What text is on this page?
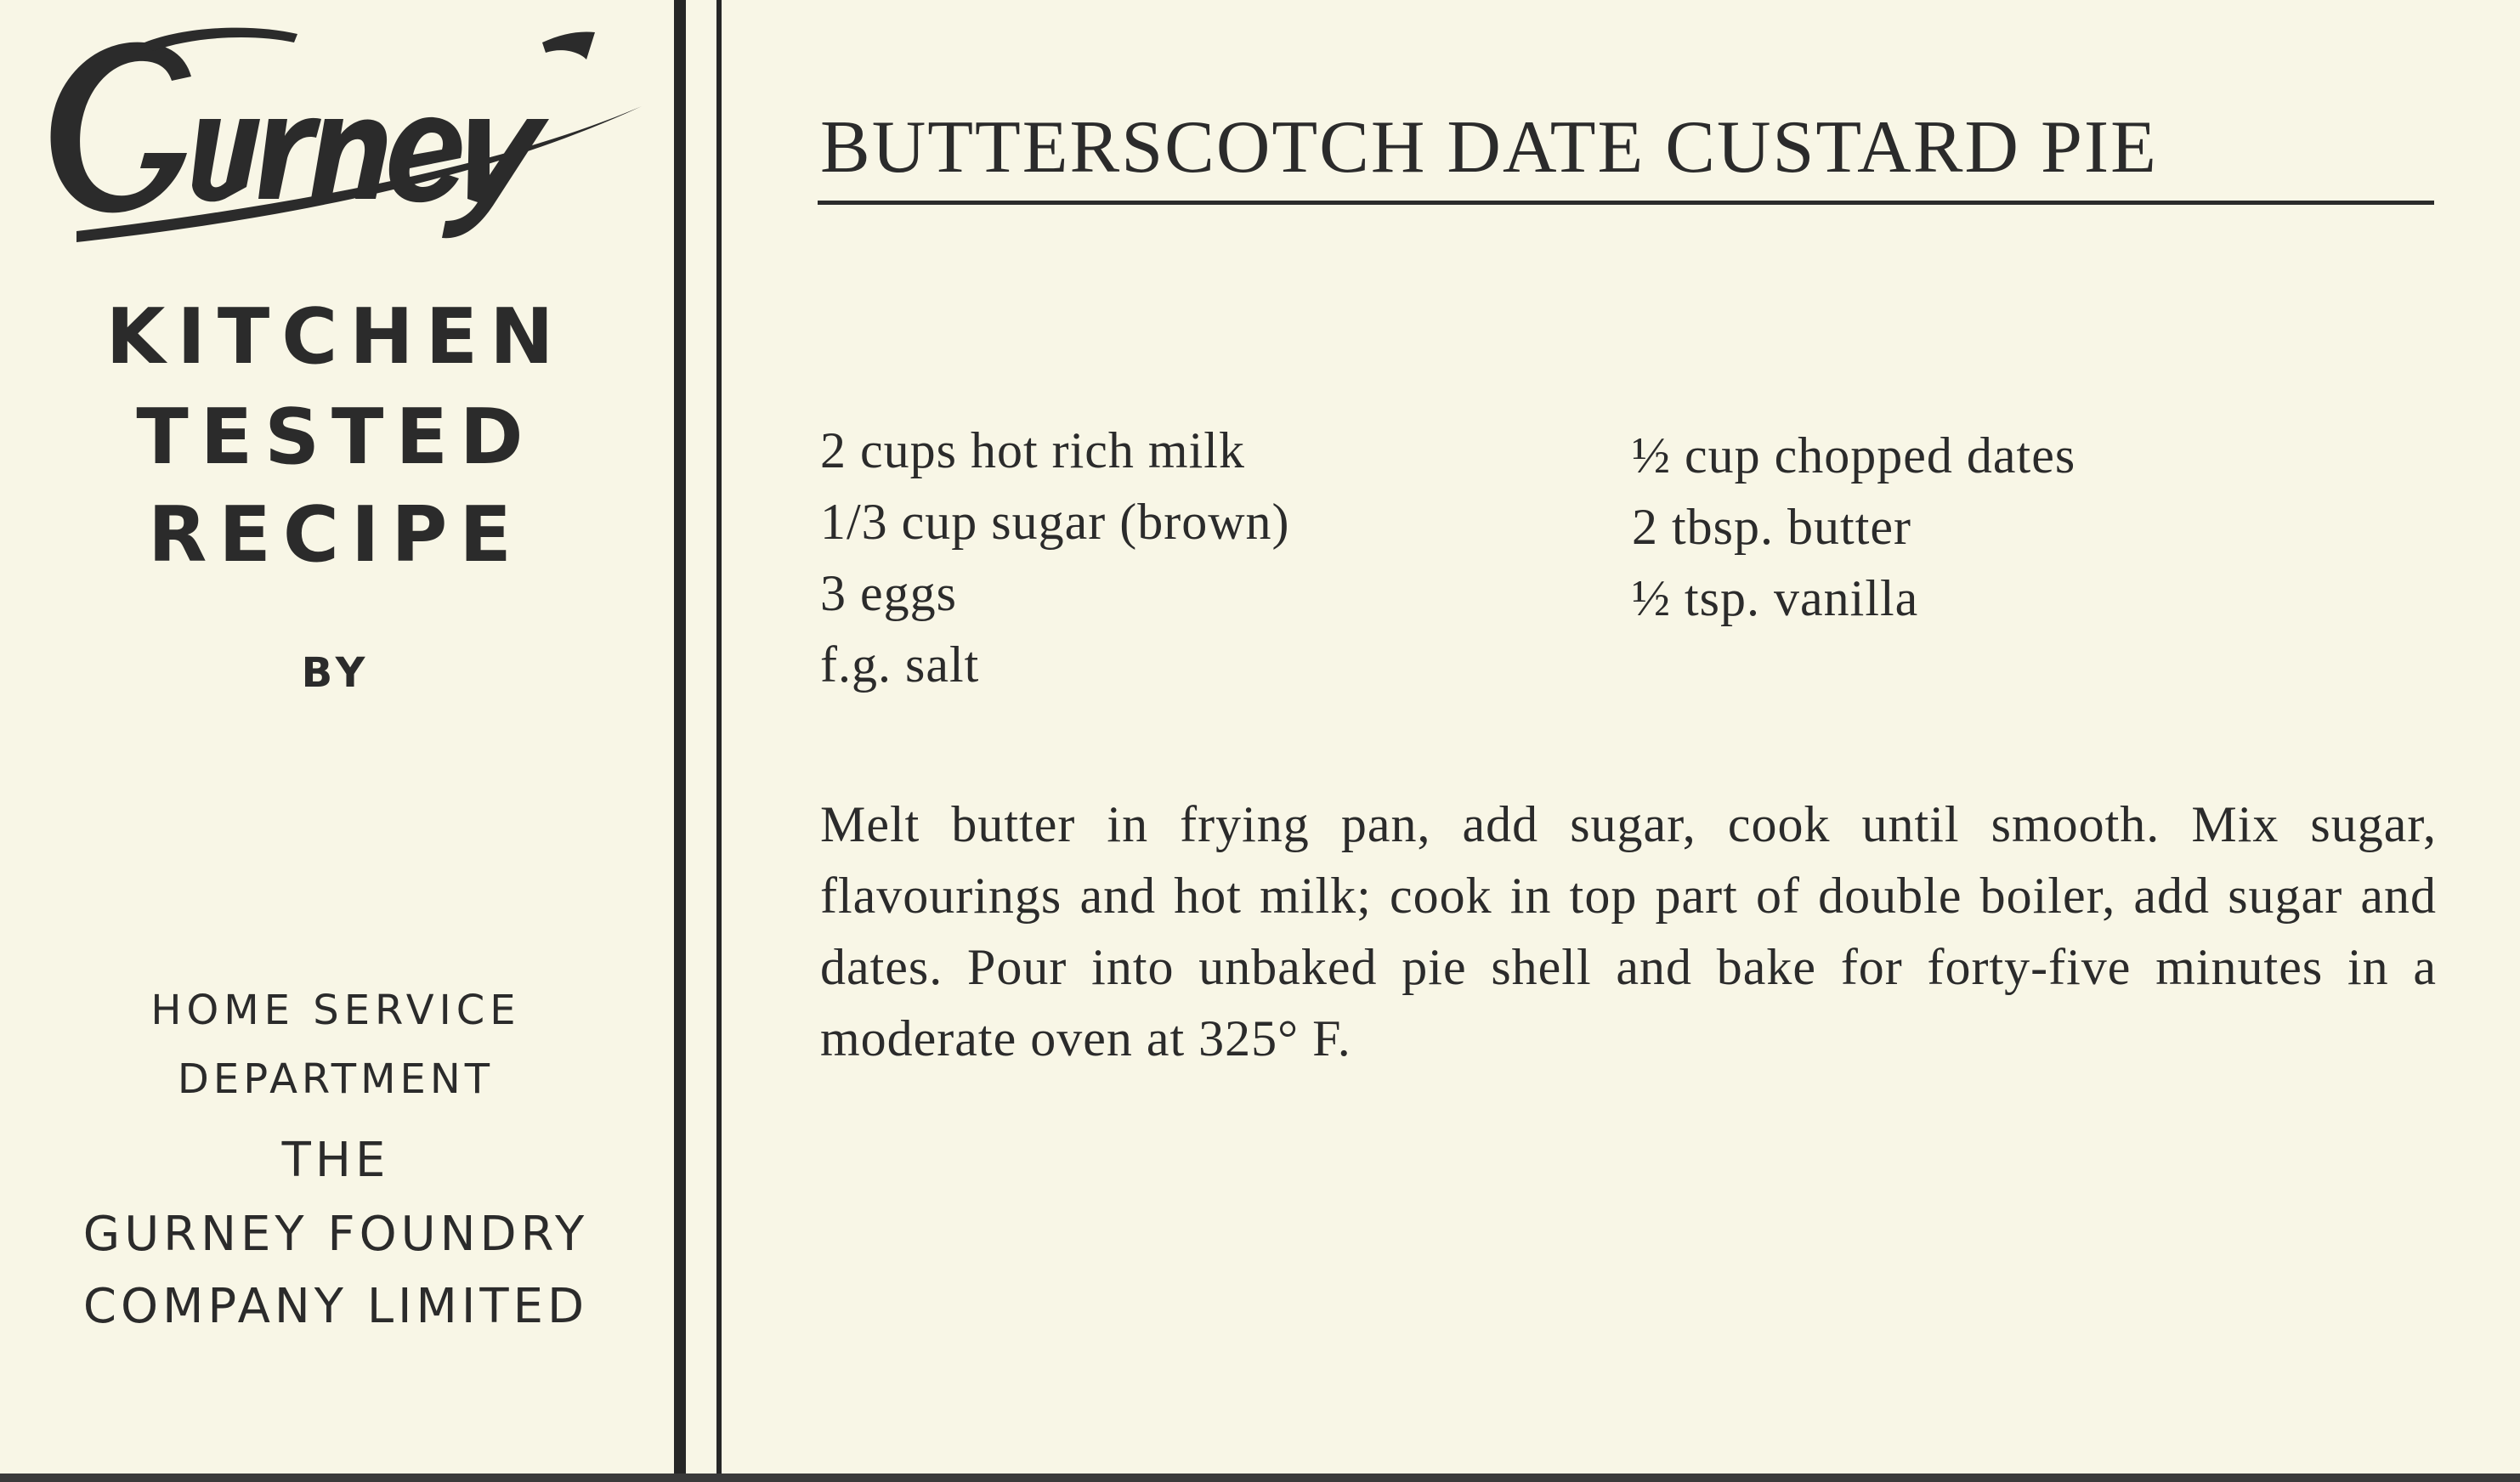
KITCHEN
TESTED
RECIPE
BY
HOME SERVICE
DEPARTMENT
THE
GURNEY FOUNDRY
COMPANY LIMITED
BUTTERSCOTCH DATE CUSTARD PIE
2 cups hot rich milk
1/3 cup sugar (brown)
3 eggs
f.g. salt
½ cup chopped dates
2 tbsp. butter
½ tsp. vanilla
Melt butter in frying pan, add sugar, cook until smooth. Mix sugar, flavourings and hot milk; cook in top part of double boiler, add sugar and dates. Pour into unbaked pie shell and bake for forty-five minutes in a moderate oven at 325° F.
